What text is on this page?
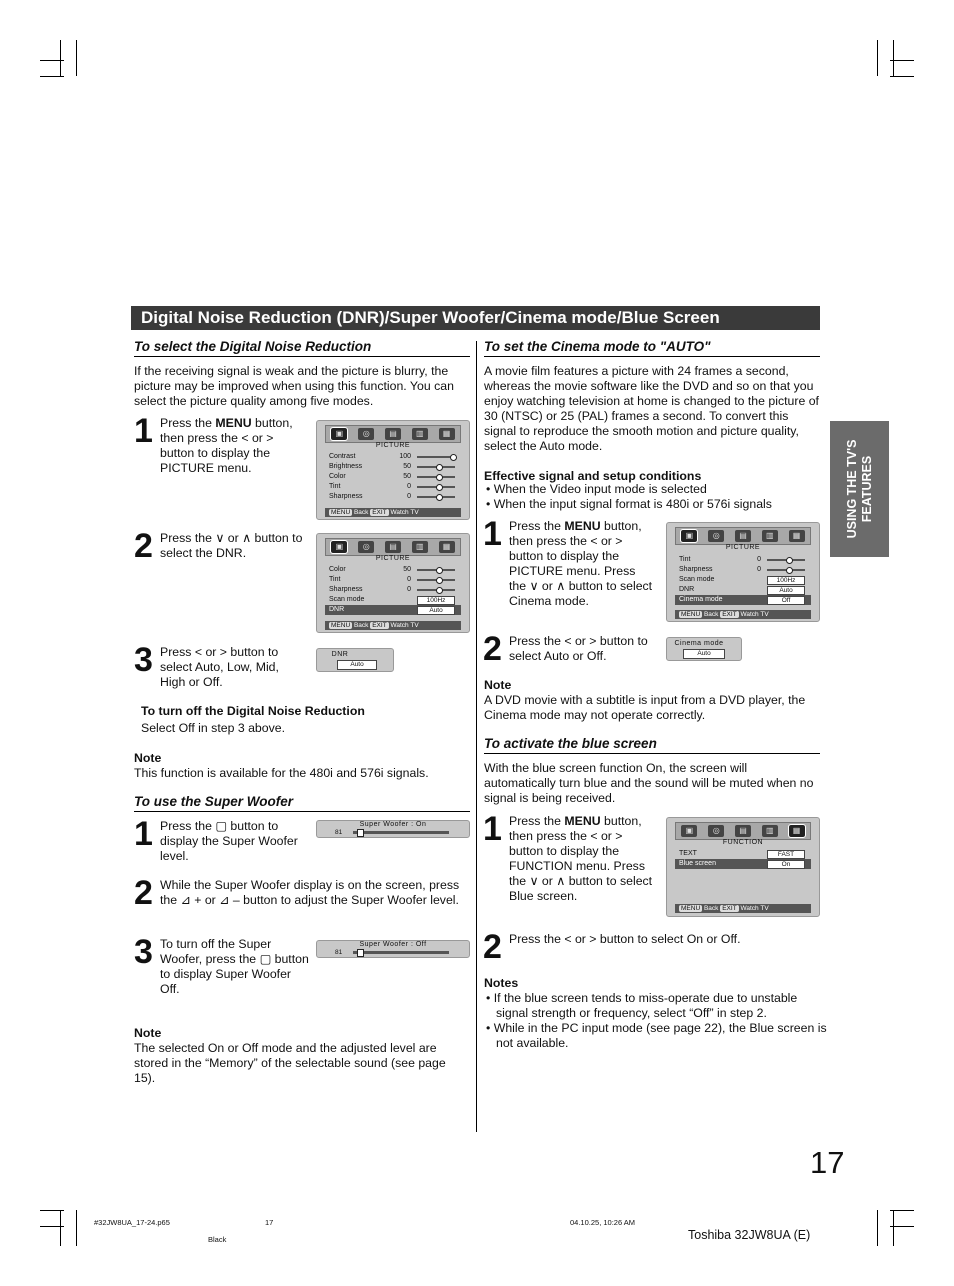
Digital Noise Reduction (DNR)/Super Woofer/Cinema mode/Blue Screen
USING THE TV'S
FEATURES
To select the Digital Noise Reduction
If the receiving signal is weak and the picture is blurry, the picture may be improved when using this function. You can select the picture quality among five modes.
1 Press the MENU button, then press the < or > button to display the PICTURE menu.
▣	◎	▤	▥	▦
PICTURE
Contrast	100
Brightness	50
Color	50
Tint	0
Sharpness	0
MENU Back EXIT Watch TV
2 Press the ∨ or ∧ button to select the DNR.	▣	◎	▤	▥	▦
PICTURE
Color	50
Tint	0
Sharpness	0
Scan mode	100Hz
DNR	Auto
MENU Back EXIT Watch TV
3 Press < or > button to select Auto, Low, Mid, High or Off.
DNR
Auto
To turn off the Digital Noise Reduction
Select Off in step 3 above.
Note
This function is available for the 480i and 576i signals.
To use the Super Woofer
1 Press the ▢ button to display the Super Woofer level.
Super Woofer : On
81
2 While the Super Woofer display is on the screen, press the ⊿ + or ⊿ – button to adjust the Super Woofer level.
3 To turn off the Super Woofer, press the ▢ button to display Super Woofer Off.
Super Woofer : Off
81
Note
The selected On or Off mode and the adjusted level are stored in the “Memory” of the selectable sound (see page 15).
To set the Cinema mode to "AUTO"
A movie film features a picture with 24 frames a second, whereas the movie software like the DVD and so on that you enjoy watching television at home is changed to the picture of 30 (NTSC) or 25 (PAL) frames a second. To convert this signal to reproduce the smooth motion and picture quality, select the Auto mode.
Effective signal and setup conditions
• When the Video input mode is selected
• When the input signal format is 480i or 576i signals
1 Press the MENU button, then press the < or > button to display the PICTURE menu. Press the ∨ or ∧ button to select Cinema mode.
▣	◎	▤	▥	▦
PICTURE
Tint	0
Sharpness	0
Scan mode	100Hz
DNR	Auto
Cinema mode	Off
MENU Back EXIT Watch TV
2 Press the < or > button to select Auto or Off.
Cinema mode
Auto
Note
A DVD movie with a subtitle is input from a DVD player, the Cinema mode may not operate correctly.
To activate the blue screen
With the blue screen function On, the screen will automatically turn blue and the sound will be muted when no signal is being received.
1 Press the MENU button, then press the < or > button to display the FUNCTION menu. Press the ∨ or ∧ button to select Blue screen.
▣	◎	▤	▥	▦
FUNCTION
TEXT	FAST
Blue screen	On
MENU Back EXIT Watch TV
2 Press the < or > button to select On or Off.
Notes
• If the blue screen tends to miss-operate due to unstable signal strength or frequency, select “Off” in step 2.
• While in the PC input mode (see page 22), the Blue screen is not available.
17
#32JW8UA_17-24.p65	17	04.10.25, 10:26 AM
Black	Toshiba 32JW8UA (E)
